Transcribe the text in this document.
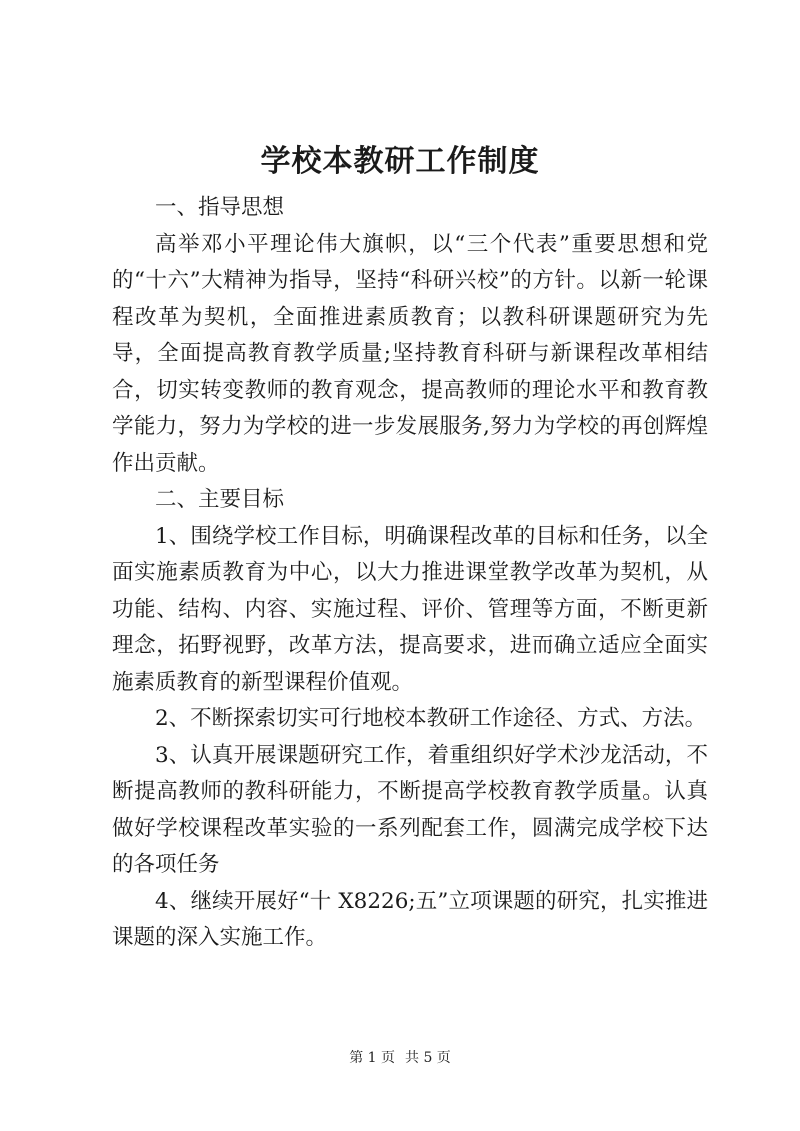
学校本教研工作制度

一、指导思想

高举邓小平理论伟大旗帜，以“三个代表”重要思想和党的“十六”大精神为指导，坚持“科研兴校”的方针。以新一轮课程改革为契机，全面推进素质教育；以教科研课题研究为先导，全面提高教育教学质量;坚持教育科研与新课程改革相结合，切实转变教师的教育观念，提高教师的理论水平和教育教学能力，努力为学校的进一步发展服务,努力为学校的再创辉煌作出贡献。

二、主要目标

1、围绕学校工作目标，明确课程改革的目标和任务，以全面实施素质教育为中心，以大力推进课堂教学改革为契机，从功能、结构、内容、实施过程、评价、管理等方面，不断更新理念，拓野视野，改革方法，提高要求，进而确立适应全面实施素质教育的新型课程价值观。

2、不断探索切实可行地校本教研工作途径、方式、方法。

3、认真开展课题研究工作，着重组织好学术沙龙活动，不断提高教师的教科研能力，不断提高学校教育教学质量。认真做好学校课程改革实验的一系列配套工作，圆满完成学校下达的各项任务

4、继续开展好“十 X8226;五”立项课题的研究，扎实推进课题的深入实施工作。

第 1 页 共 5 页
